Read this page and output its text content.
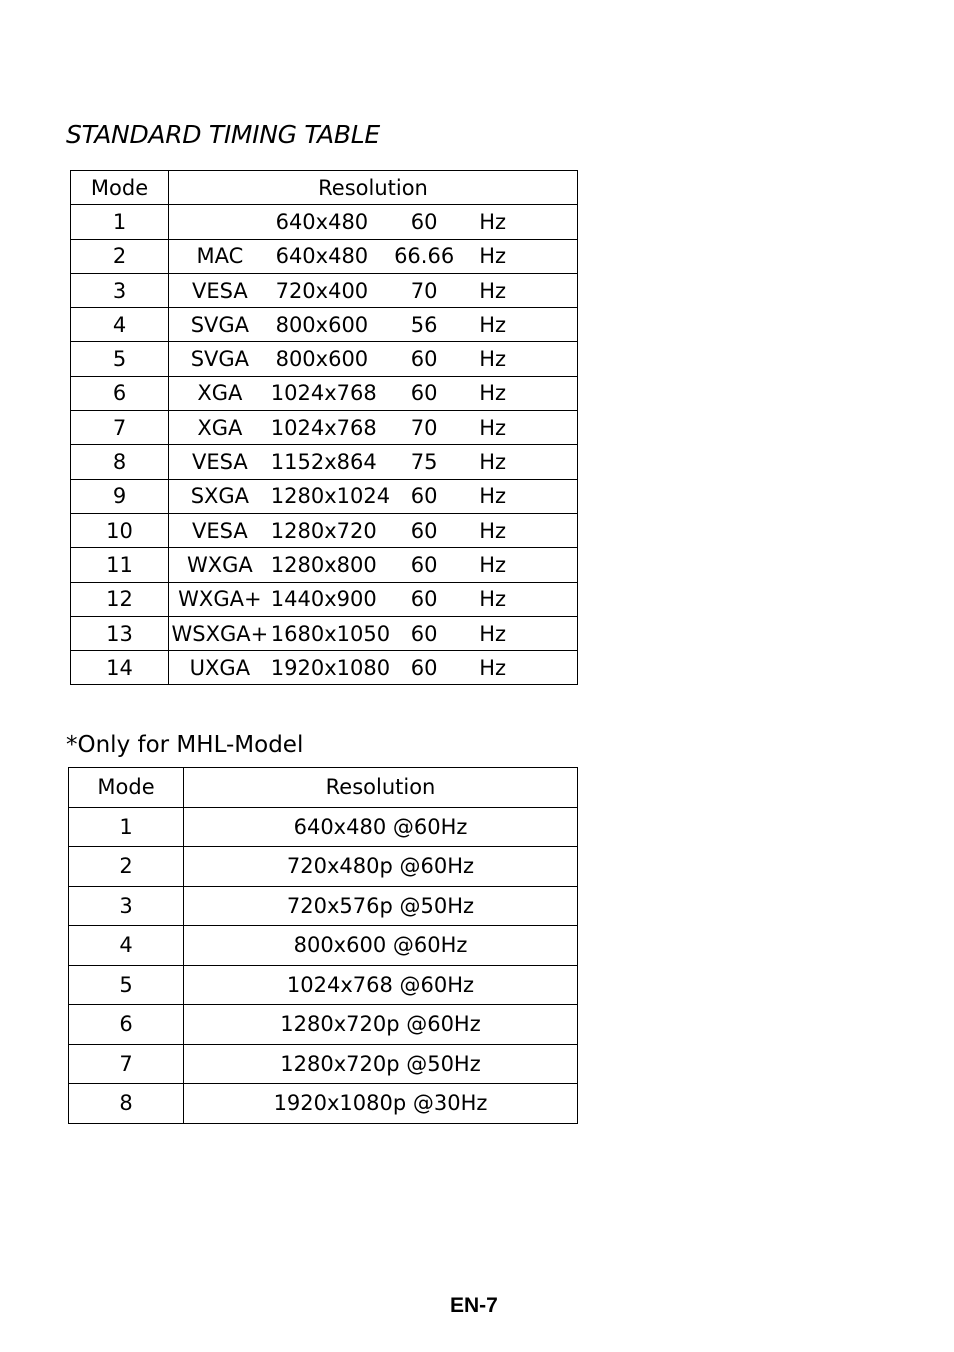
STANDARD TIMING TABLE
Mode	Resolution			
1		640x480	60	Hz
2	MAC	640x480	66.66	Hz
3	VESA	720x400	70	Hz
4	SVGA	800x600	56	Hz
5	SVGA	800x600	60	Hz
6	XGA	1024x768	60	Hz
7	XGA	1024x768	70	Hz
8	VESA	1152x864	75	Hz
9	SXGA	1280x1024	60	Hz
10	VESA	1280x720	60	Hz
11	WXGA	1280x800	60	Hz
12	WXGA+	1440x900	60	Hz
13	WSXGA+	1680x1050	60	Hz
14	UXGA	1920x1080	60	Hz
*Only for MHL-Model
Mode	Resolution
1	640x480 @60Hz
2	720x480p @60Hz
3	720x576p @50Hz
4	800x600 @60Hz
5	1024x768 @60Hz
6	1280x720p @60Hz
7	1280x720p @50Hz
8	1920x1080p @30Hz
EN-7
